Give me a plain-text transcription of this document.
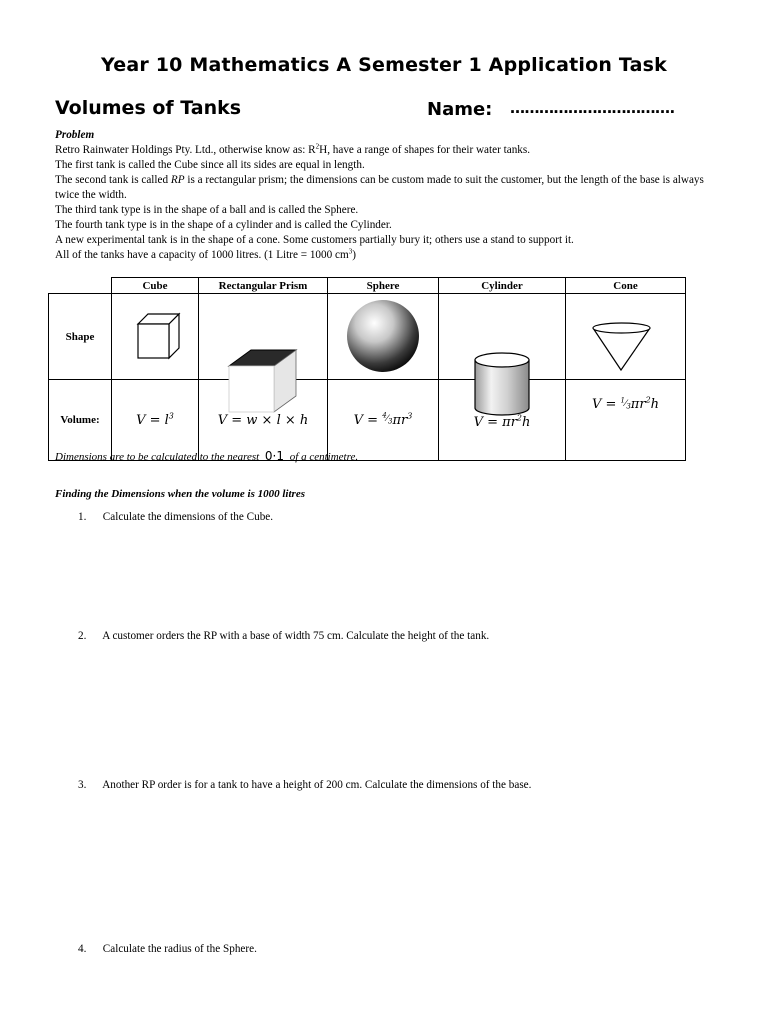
Year 10 Mathematics A Semester 1 Application Task
Volumes of Tanks	Name: …………………………….

Problem

Retro Rainwater Holdings Pty. Ltd., otherwise know as: $R^2H$, have a range of shapes for their water tanks.

The first tank is called the Cube since all its sides are equal in length.

The second tank is called RP is a rectangular prism; the dimensions can be custom made to suit the customer, but the length of the base is always twice the width.

The third tank type is in the shape of a ball and is called the Sphere.

The fourth tank type is in the shape of a cylinder and is called the Cylinder.

A new experimental tank is in the shape of a cone. Some customers partially bury it; others use a stand to support it.

All of the tanks have a capacity of 1000 litres. (1 Litre = 1000 $cm^3$)

	Cube	Rectangular Prism	Sphere	Cylinder	Cone
Shape	

Volume:	$V = l^3$	V = w × l × h	$V = ^4⁄_3\pi r^3$	$V = \pi r^2h$	$V = ^1⁄_3\pi r^2h$
Dimensions are to be calculated to the nearest 0·1 of a centimetre.
Finding the Dimensions when the volume is 1000 litres
1. Calculate the dimensions of the Cube.
2. A customer orders the RP with a base of width 75 cm. Calculate the height of the tank.
3. Another RP order is for a tank to have a height of 200 cm. Calculate the dimensions of the base.
4. Calculate the radius of the Sphere.
